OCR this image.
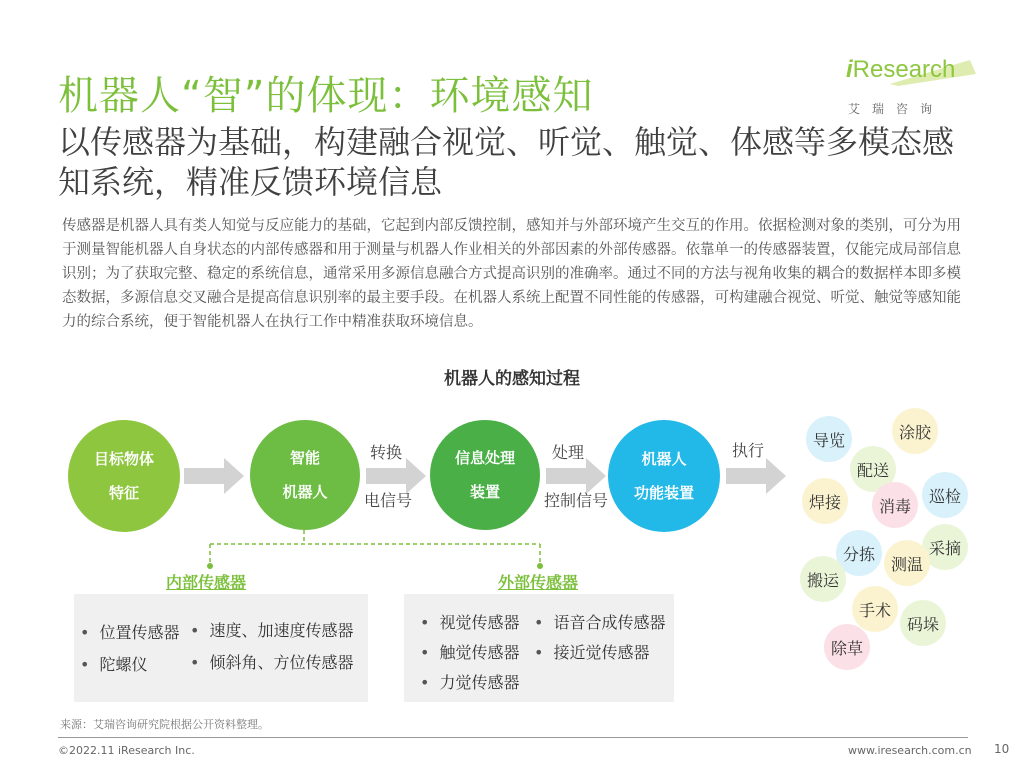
机器人“智”的体现：环境感知
以传感器为基础，构建融合视觉、听觉、触觉、体感等多模态感知系统，精准反馈环境信息
iResearch
艾瑞咨询
传感器是机器人具有类人知觉与反应能力的基础，它起到内部反馈控制，感知并与外部环境产生交互的作用。依据检测对象的类别，可分为用于测量智能机器人自身状态的内部传感器和用于测量与机器人作业相关的外部因素的外部传感器。依靠单一的传感器装置，仅能完成局部信息识别；为了获取完整、稳定的系统信息，通常采用多源信息融合方式提高识别的准确率。通过不同的方法与视角收集的耦合的数据样本即多模态数据，多源信息交叉融合是提高信息识别率的最主要手段。在机器人系统上配置不同性能的传感器，可构建融合视觉、听觉、触觉等感知能力的综合系统，便于智能机器人在执行工作中精准获取环境信息。
机器人的感知过程
目标物体
特征
智能
机器人
信息处理
装置
机器人
功能装置
转换
电信号
处理
控制信号
执行
内部传感器	外部传感器
• 位置传感器	• 速度、加速度传感器
• 陀螺仪	• 倾斜角、方位传感器
• 视觉传感器	• 语音合成传感器
• 触觉传感器	• 接近觉传感器
• 力觉传感器
导览	涂胶
配送
焊接	消毒
巡检
分拣	采摘
测温
搬运
手术
码垛
除草
来源：艾瑞咨询研究院根据公开资料整理。
©2022.11 iResearch Inc.	www.iresearch.com.cn 10
